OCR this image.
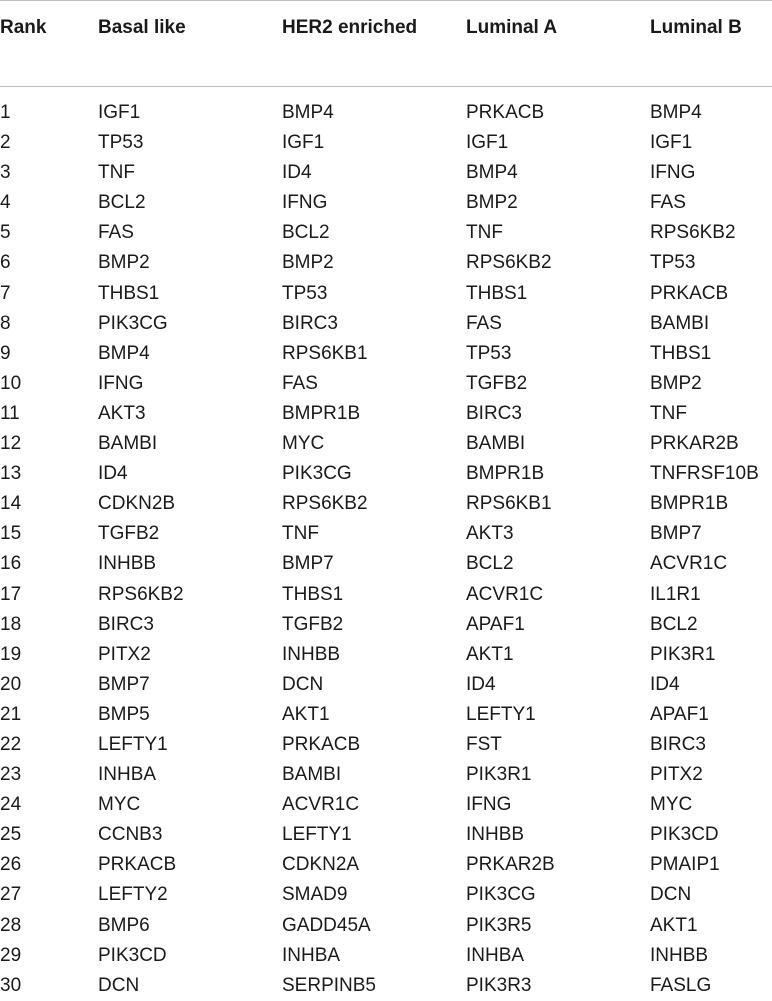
Rank	Basal like	HER2 enriched	Luminal A	Luminal B
1	IGF1	BMP4	PRKACB	BMP4
2	TP53	IGF1	IGF1	IGF1
3	TNF	ID4	BMP4	IFNG
4	BCL2	IFNG	BMP2	FAS
5	FAS	BCL2	TNF	RPS6KB2
6	BMP2	BMP2	RPS6KB2	TP53
7	THBS1	TP53	THBS1	PRKACB
8	PIK3CG	BIRC3	FAS	BAMBI
9	BMP4	RPS6KB1	TP53	THBS1
10	IFNG	FAS	TGFB2	BMP2
11	AKT3	BMPR1B	BIRC3	TNF
12	BAMBI	MYC	BAMBI	PRKAR2B
13	ID4	PIK3CG	BMPR1B	TNFRSF10B
14	CDKN2B	RPS6KB2	RPS6KB1	BMPR1B
15	TGFB2	TNF	AKT3	BMP7
16	INHBB	BMP7	BCL2	ACVR1C
17	RPS6KB2	THBS1	ACVR1C	IL1R1
18	BIRC3	TGFB2	APAF1	BCL2
19	PITX2	INHBB	AKT1	PIK3R1
20	BMP7	DCN	ID4	ID4
21	BMP5	AKT1	LEFTY1	APAF1
22	LEFTY1	PRKACB	FST	BIRC3
23	INHBA	BAMBI	PIK3R1	PITX2
24	MYC	ACVR1C	IFNG	MYC
25	CCNB3	LEFTY1	INHBB	PIK3CD
26	PRKACB	CDKN2A	PRKAR2B	PMAIP1
27	LEFTY2	SMAD9	PIK3CG	DCN
28	BMP6	GADD45A	PIK3R5	AKT1
29	PIK3CD	INHBA	INHBA	INHBB
30	DCN	SERPINB5	PIK3R3	FASLG
